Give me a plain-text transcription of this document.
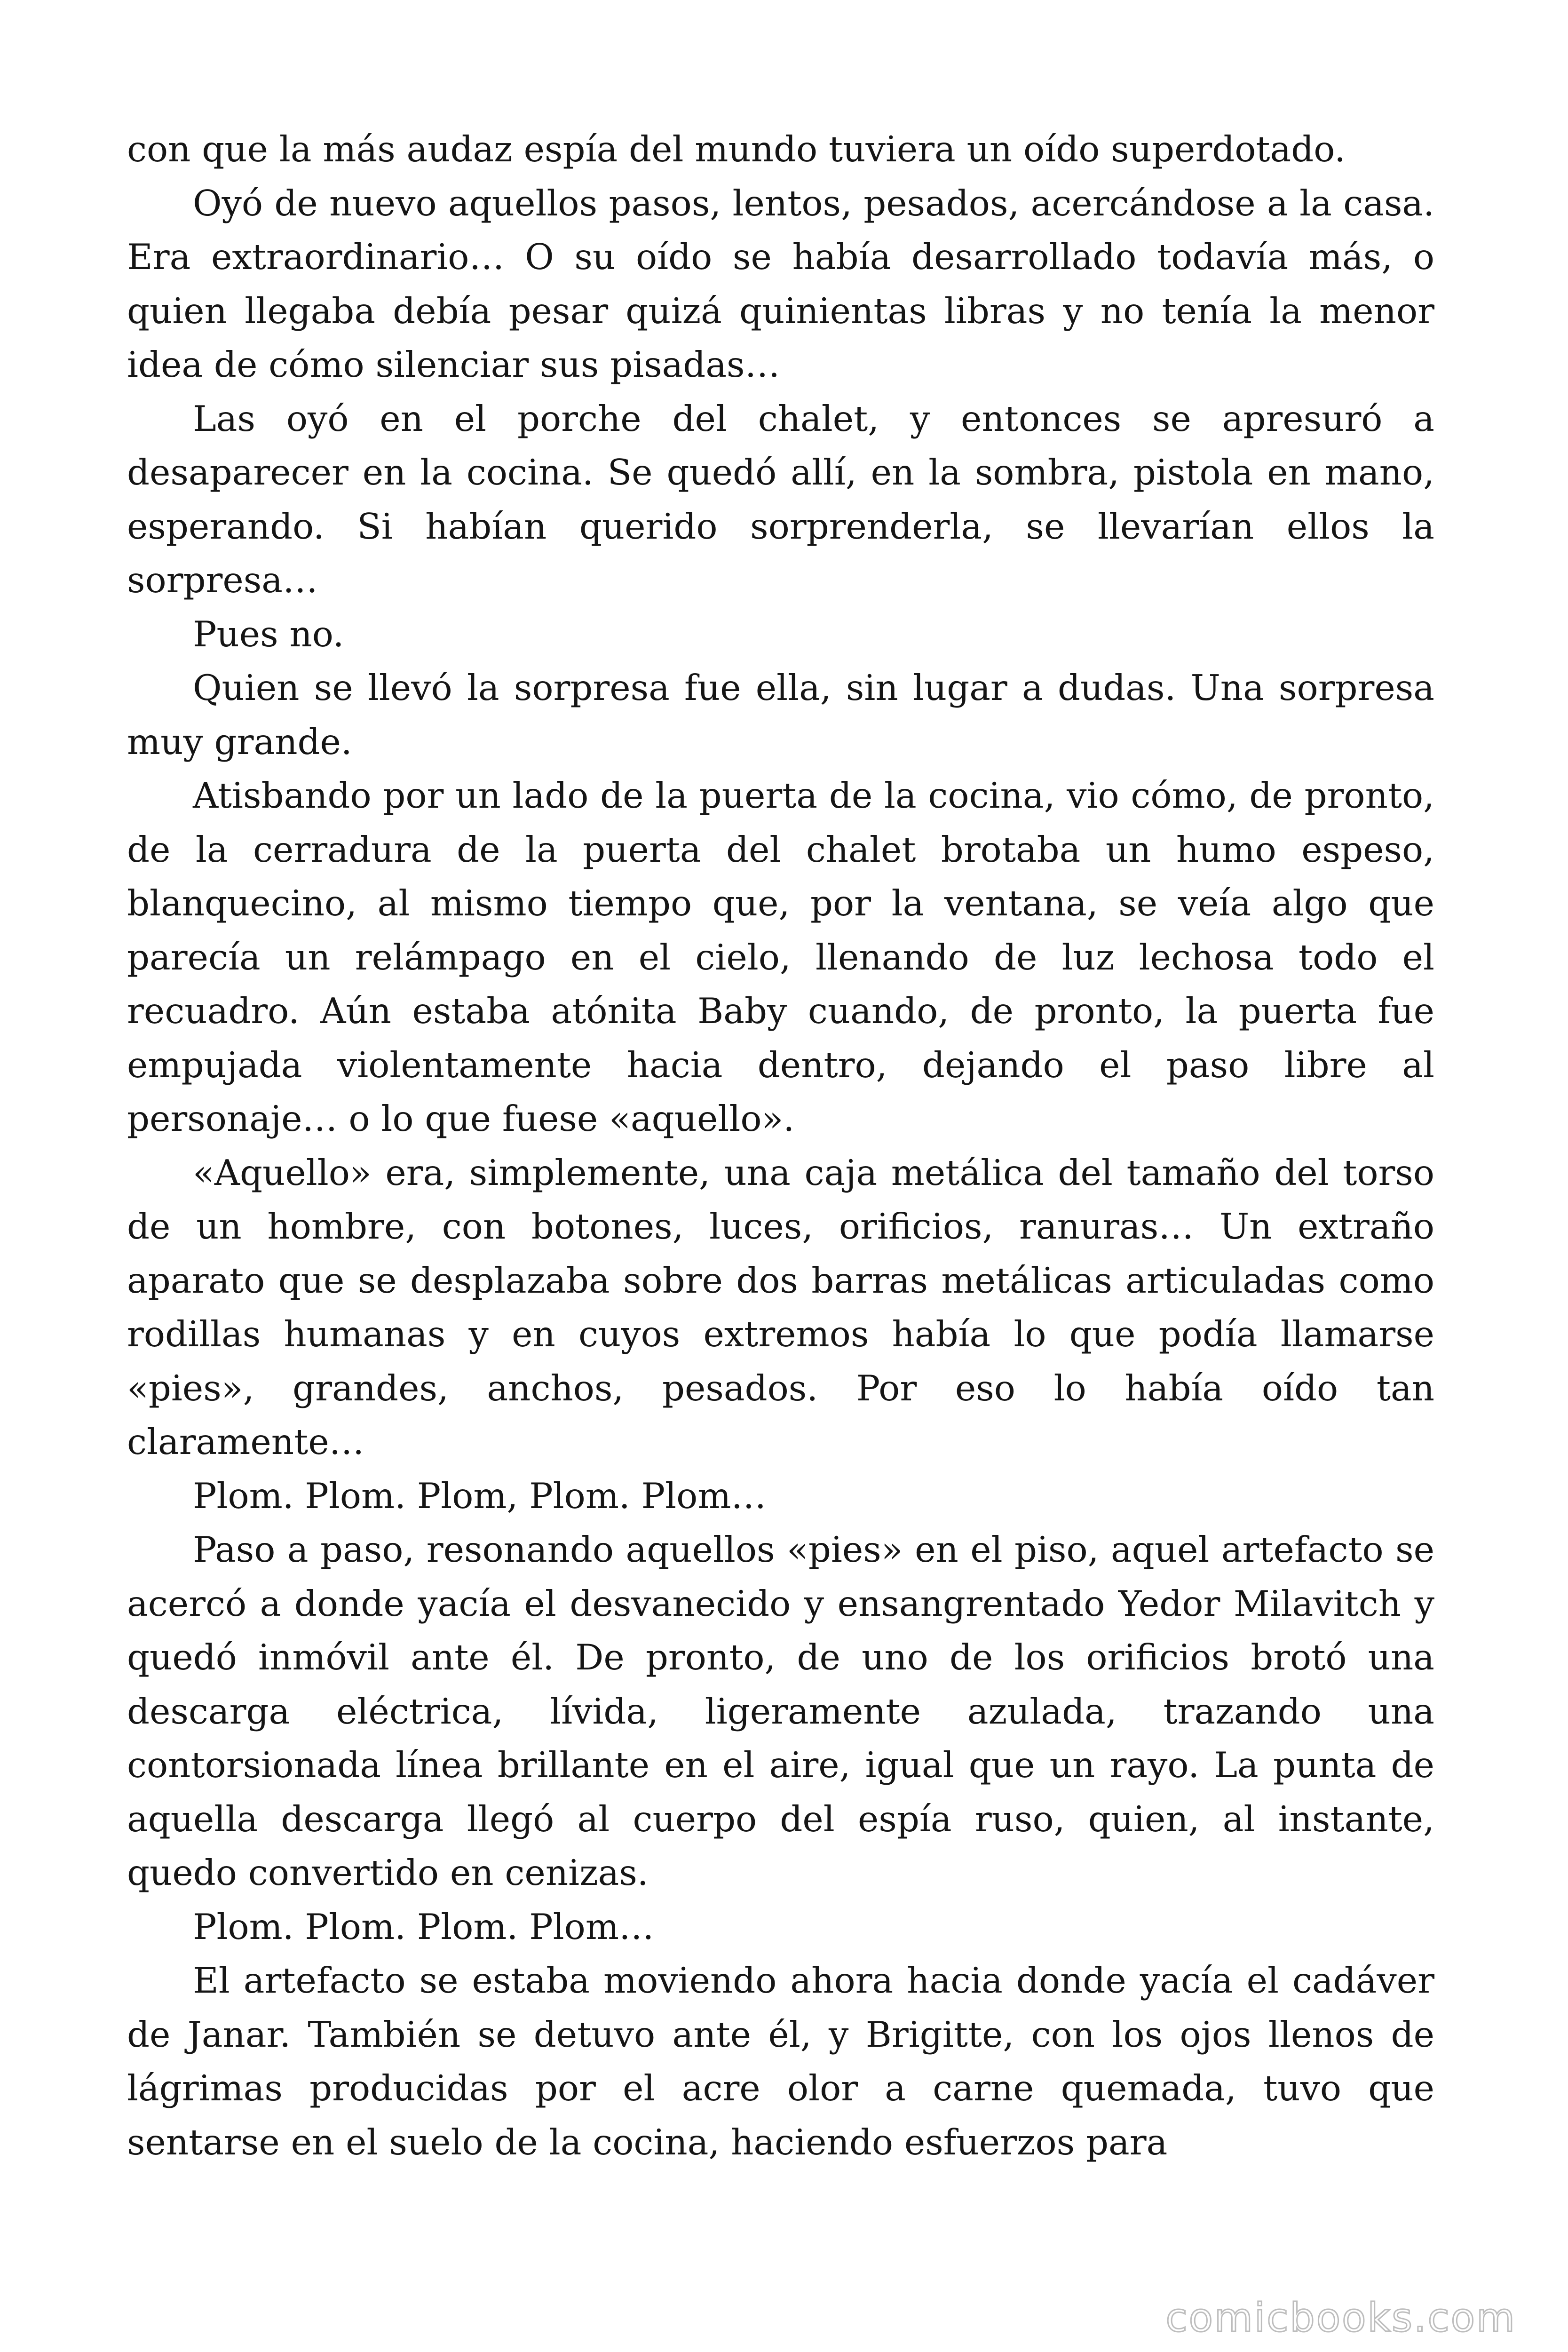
con que la más audaz espía del mundo tuviera un oído superdotado.

Oyó de nuevo aquellos pasos, lentos, pesados, acercándose a la casa. Era extraordinario… O su oído se había desarrollado todavía más, o quien llegaba debía pesar quizá quinientas libras y no tenía la menor idea de cómo silenciar sus pisadas…

Las oyó en el porche del chalet, y entonces se apresuró a desaparecer en la cocina. Se quedó allí, en la sombra, pistola en mano, esperando. Si habían querido sorprenderla, se llevarían ellos la sorpresa…

Pues no.

Quien se llevó la sorpresa fue ella, sin lugar a dudas. Una sorpresa muy grande.

Atisbando por un lado de la puerta de la cocina, vio cómo, de pronto, de la cerradura de la puerta del chalet brotaba un humo espeso, blanquecino, al mismo tiempo que, por la ventana, se veía algo que parecía un relámpago en el cielo, llenando de luz lechosa todo el recuadro. Aún estaba atónita Baby cuando, de pronto, la puerta fue empujada violentamente hacia dentro, dejando el paso libre al personaje… o lo que fuese «aquello».

«Aquello» era, simplemente, una caja metálica del tamaño del torso de un hombre, con botones, luces, orificios, ranuras… Un extraño aparato que se desplazaba sobre dos barras metálicas articuladas como rodillas humanas y en cuyos extremos había lo que podía llamarse «pies», grandes, anchos, pesados. Por eso lo había oído tan claramente…

Plom. Plom. Plom, Plom. Plom…

Paso a paso, resonando aquellos «pies» en el piso, aquel artefacto se acercó a donde yacía el desvanecido y ensangrentado Yedor Milavitch y quedó inmóvil ante él. De pronto, de uno de los orificios brotó una descarga eléctrica, lívida, ligeramente azulada, trazando una contorsionada línea brillante en el aire, igual que un rayo. La punta de aquella descarga llegó al cuerpo del espía ruso, quien, al instante, quedo convertido en cenizas.

Plom. Plom. Plom. Plom…

El artefacto se estaba moviendo ahora hacia donde yacía el cadáver de Janar. También se detuvo ante él, y Brigitte, con los ojos llenos de lágrimas producidas por el acre olor a carne quemada, tuvo que sentarse en el suelo de la cocina, haciendo esfuerzos para

comicbooks.com
